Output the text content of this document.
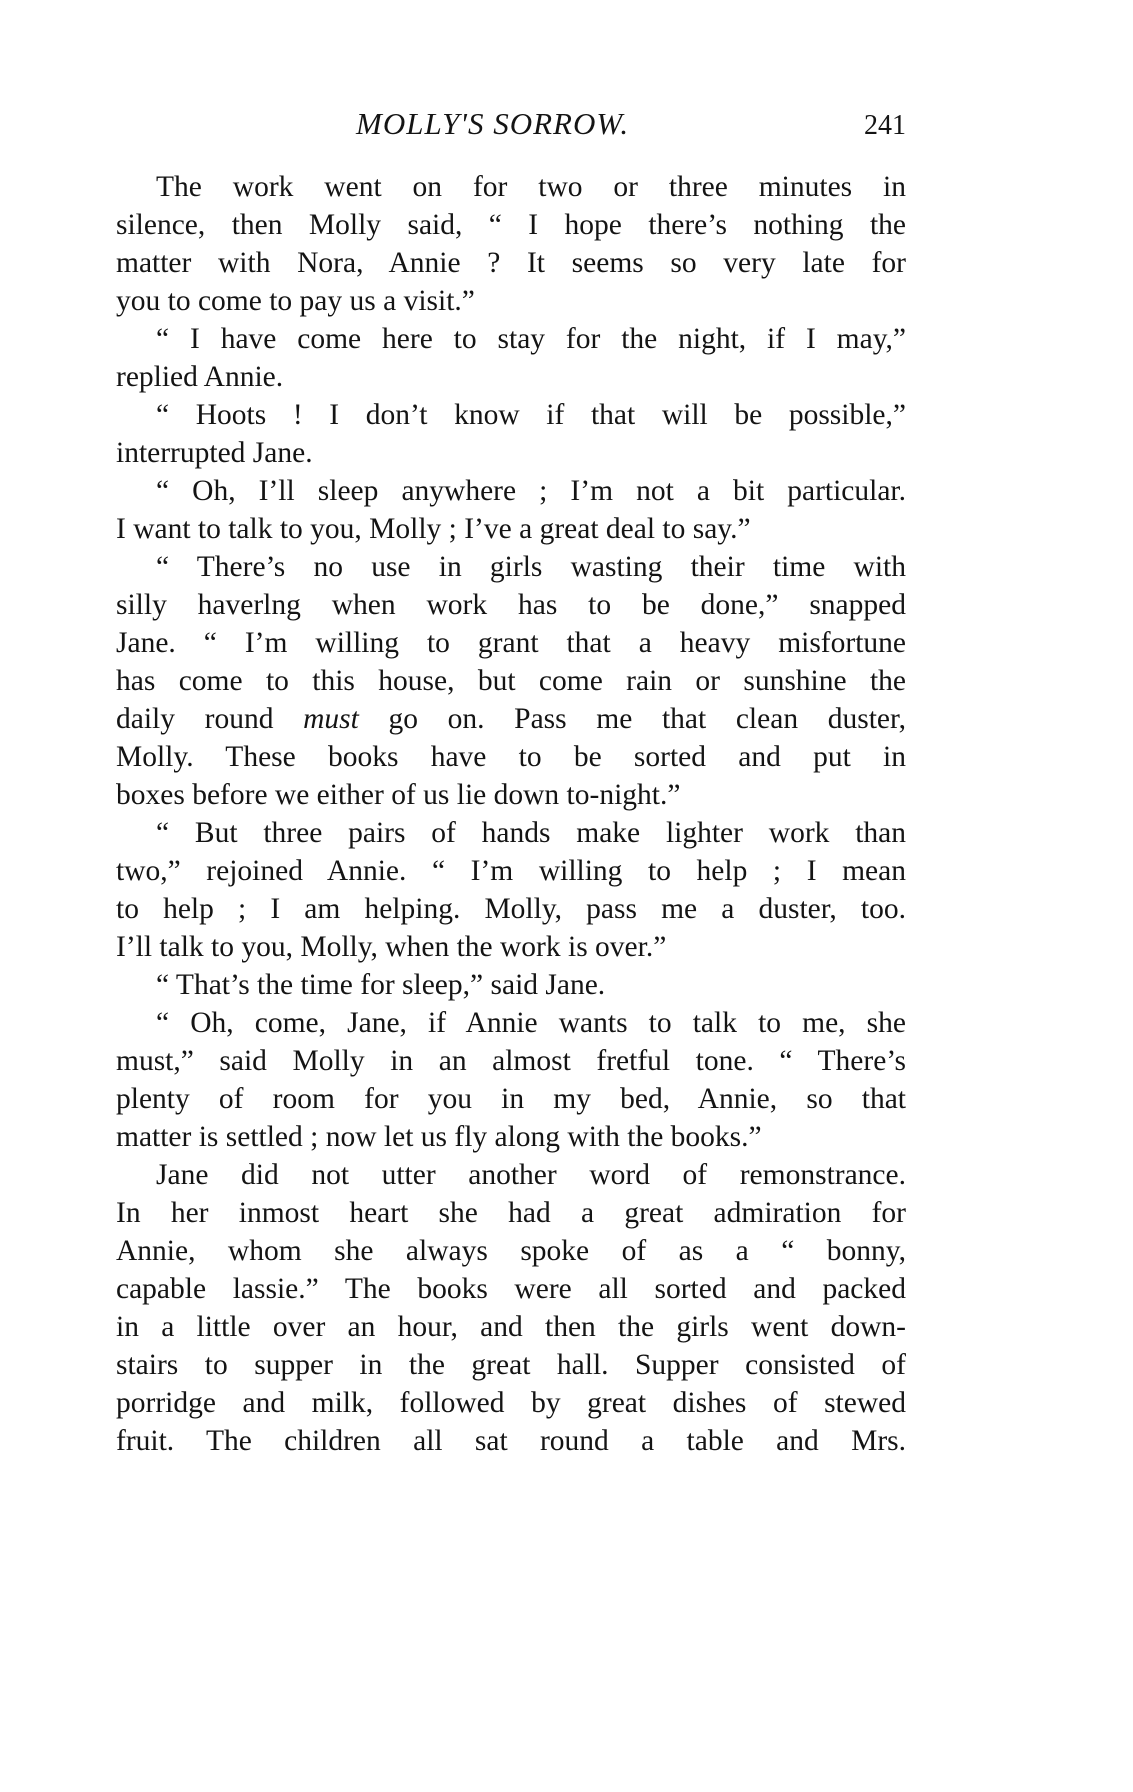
MOLLY'S SORROW.	241
The work went on for two or three minutes in
silence, then Molly said, “ I hope there’s nothing the
matter with Nora, Annie ? It seems so very late for
you to come to pay us a visit.”
“ I have come here to stay for the night, if I may,”
replied Annie.
“ Hoots ! I don’t know if that will be possible,”
interrupted Jane.
“ Oh, I’ll sleep anywhere ; I’m not a bit particular.
I want to talk to you, Molly ; I’ve a great deal to say.”
“ There’s no use in girls wasting their time with
silly haverlng when work has to be done,” snapped
Jane. “ I’m willing to grant that a heavy misfortune
has come to this house, but come rain or sunshine the
daily round must go on. Pass me that clean duster,
Molly. These books have to be sorted and put in
boxes before we either of us lie down to-night.”
“ But three pairs of hands make lighter work than
two,” rejoined Annie. “ I’m willing to help ; I mean
to help ; I am helping. Molly, pass me a duster, too.
I’ll talk to you, Molly, when the work is over.”
“ That’s the time for sleep,” said Jane.
“ Oh, come, Jane, if Annie wants to talk to me, she
must,” said Molly in an almost fretful tone. “ There’s
plenty of room for you in my bed, Annie, so that
matter is settled ; now let us fly along with the books.”
Jane did not utter another word of remonstrance.
In her inmost heart she had a great admiration for
Annie, whom she always spoke of as a “ bonny,
capable lassie.” The books were all sorted and packed
in a little over an hour, and then the girls went down-
stairs to supper in the great hall. Supper consisted of
porridge and milk, followed by great dishes of stewed
fruit. The children all sat round a table and Mrs.
